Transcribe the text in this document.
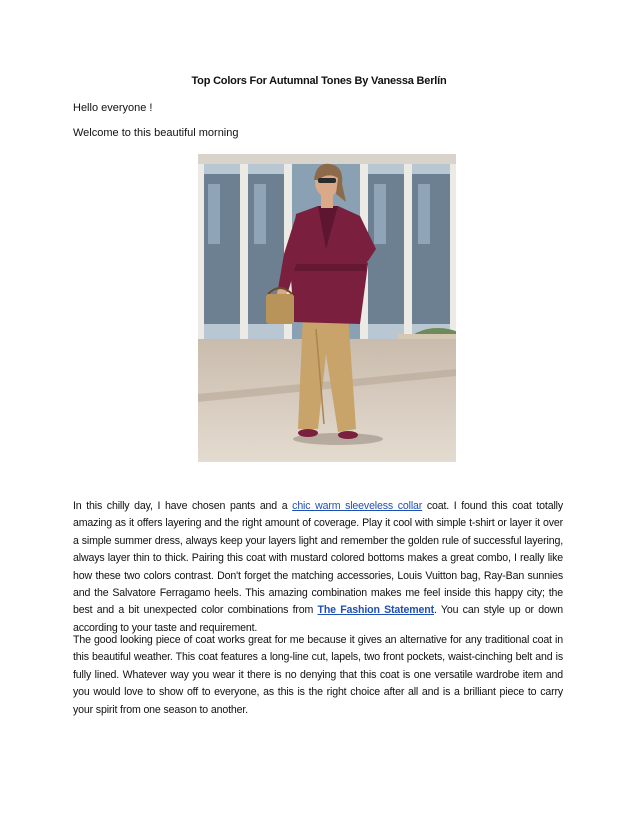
Top Colors For Autumnal Tones By Vanessa Berlín
Hello everyone !
Welcome to this beautiful morning
In this chilly day, I have chosen pants and a chic warm sleeveless collar coat. I found this coat totally amazing as it offers layering and the right amount of coverage. Play it cool with simple t-shirt or layer it over a simple summer dress, always keep your layers light and remember the golden rule of successful layering, always layer thin to thick. Pairing this coat with mustard colored bottoms makes a great combo, I really like how these two colors contrast. Don't forget the matching accessories, Louis Vuitton bag, Ray-Ban sunnies and the Salvatore Ferragamo heels. This amazing combination makes me feel inside this happy city; the best and a bit unexpected color combinations from The Fashion Statement. You can style up or down according to your taste and requirement.
The good looking piece of coat works great for me because it gives an alternative for any traditional coat in this beautiful weather. This coat features a long-line cut, lapels, two front pockets, waist-cinching belt and is fully lined. Whatever way you wear it there is no denying that this coat is one versatile wardrobe item and you would love to show off to everyone, as this is the right choice after all and is a brilliant piece to carry your spirit from one season to another.
